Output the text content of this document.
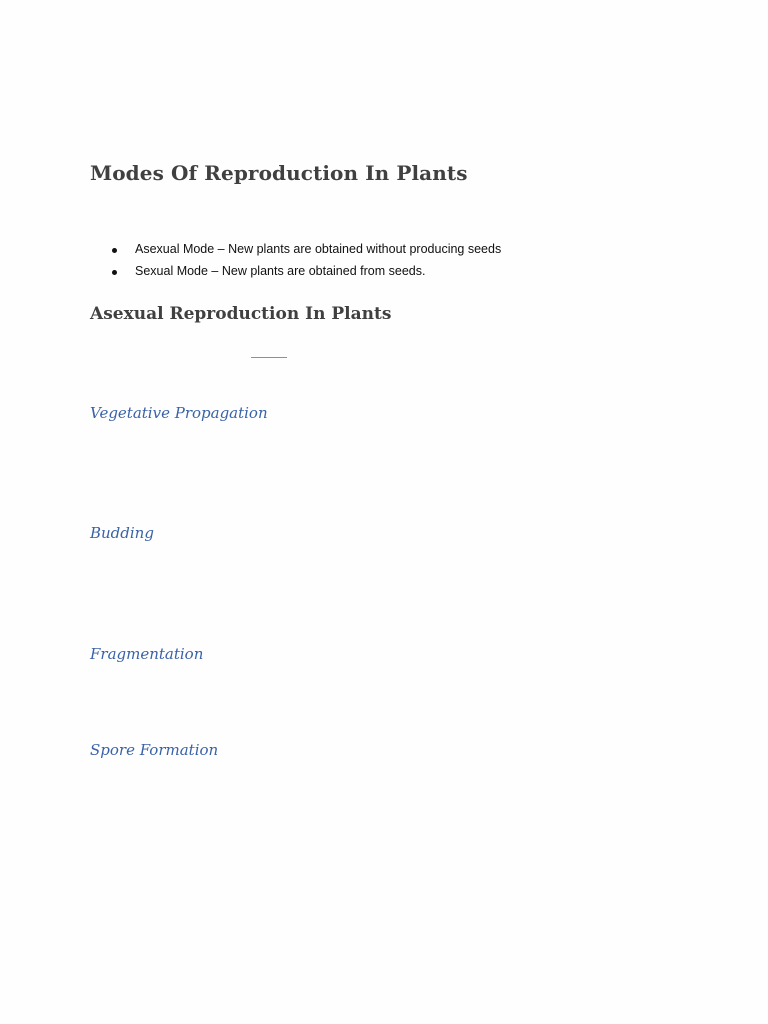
Modes Of Reproduction In Plants
Asexual Mode – New plants are obtained without producing seeds
Sexual Mode – New plants are obtained from seeds.
Asexual Reproduction In Plants
Vegetative Propagation
Budding
Fragmentation
Spore Formation
